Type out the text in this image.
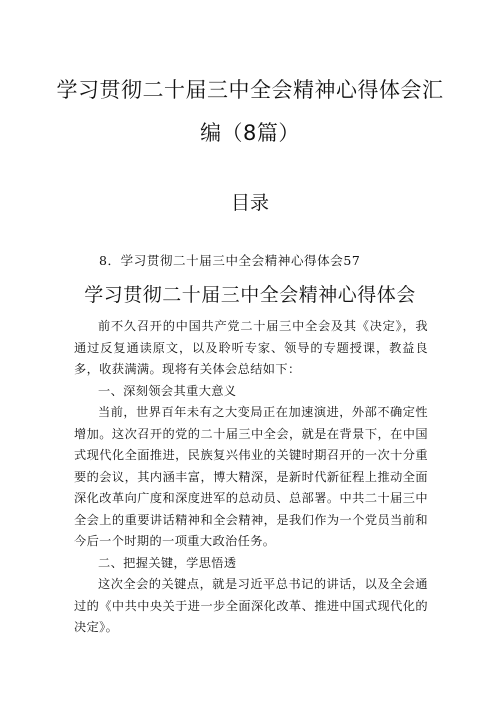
学习贯彻二十届三中全会精神心得体会汇
编（8篇）
目录
8．学习贯彻二十届三中全会精神心得体会57
学习贯彻二十届三中全会精神心得体会

前不久召开的中国共产党二十届三中全会及其《决定》，我通过反复通读原文，以及聆听专家、领导的专题授课，教益良多，收获满满。现将有关体会总结如下：

一、深刻领会其重大意义

当前，世界百年未有之大变局正在加速演进，外部不确定性增加。这次召开的党的二十届三中全会，就是在背景下，在中国式现代化全面推进，民族复兴伟业的关键时期召开的一次十分重要的会议，其内涵丰富，博大精深，是新时代新征程上推动全面深化改革向广度和深度进军的总动员、总部署。中共二十届三中全会上的重要讲话精神和全会精神，是我们作为一个党员当前和今后一个时期的一项重大政治任务。

二、把握关键，学思悟透

这次全会的关键点，就是习近平总书记的讲话，以及全会通过的《中共中央关于进一步全面深化改革、推进中国式现代化的决定》。
